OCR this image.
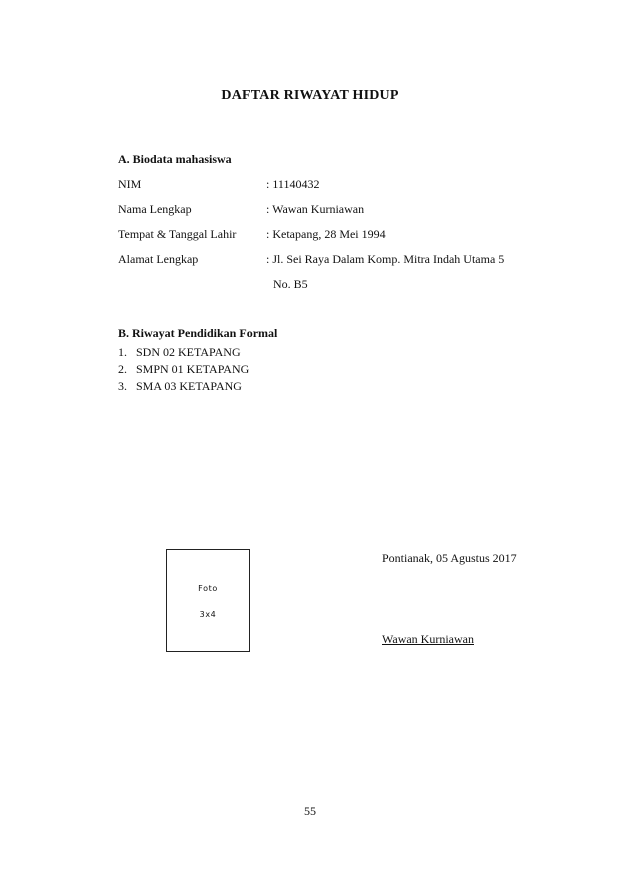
DAFTAR RIWAYAT HIDUP
A. Biodata mahasiswa
NIM	: 11140432
Nama Lengkap	: Wawan Kurniawan
Tempat & Tanggal Lahir : Ketapang, 28 Mei 1994
Alamat Lengkap	: Jl. Sei Raya Dalam Komp. Mitra Indah Utama 5
No. B5
B. Riwayat Pendidikan Formal
1. SDN 02 KETAPANG
2. SMPN 01 KETAPANG
3. SMA 03 KETAPANG
Foto
3x4
Pontianak, 05 Agustus 2017
Wawan Kurniawan
55
